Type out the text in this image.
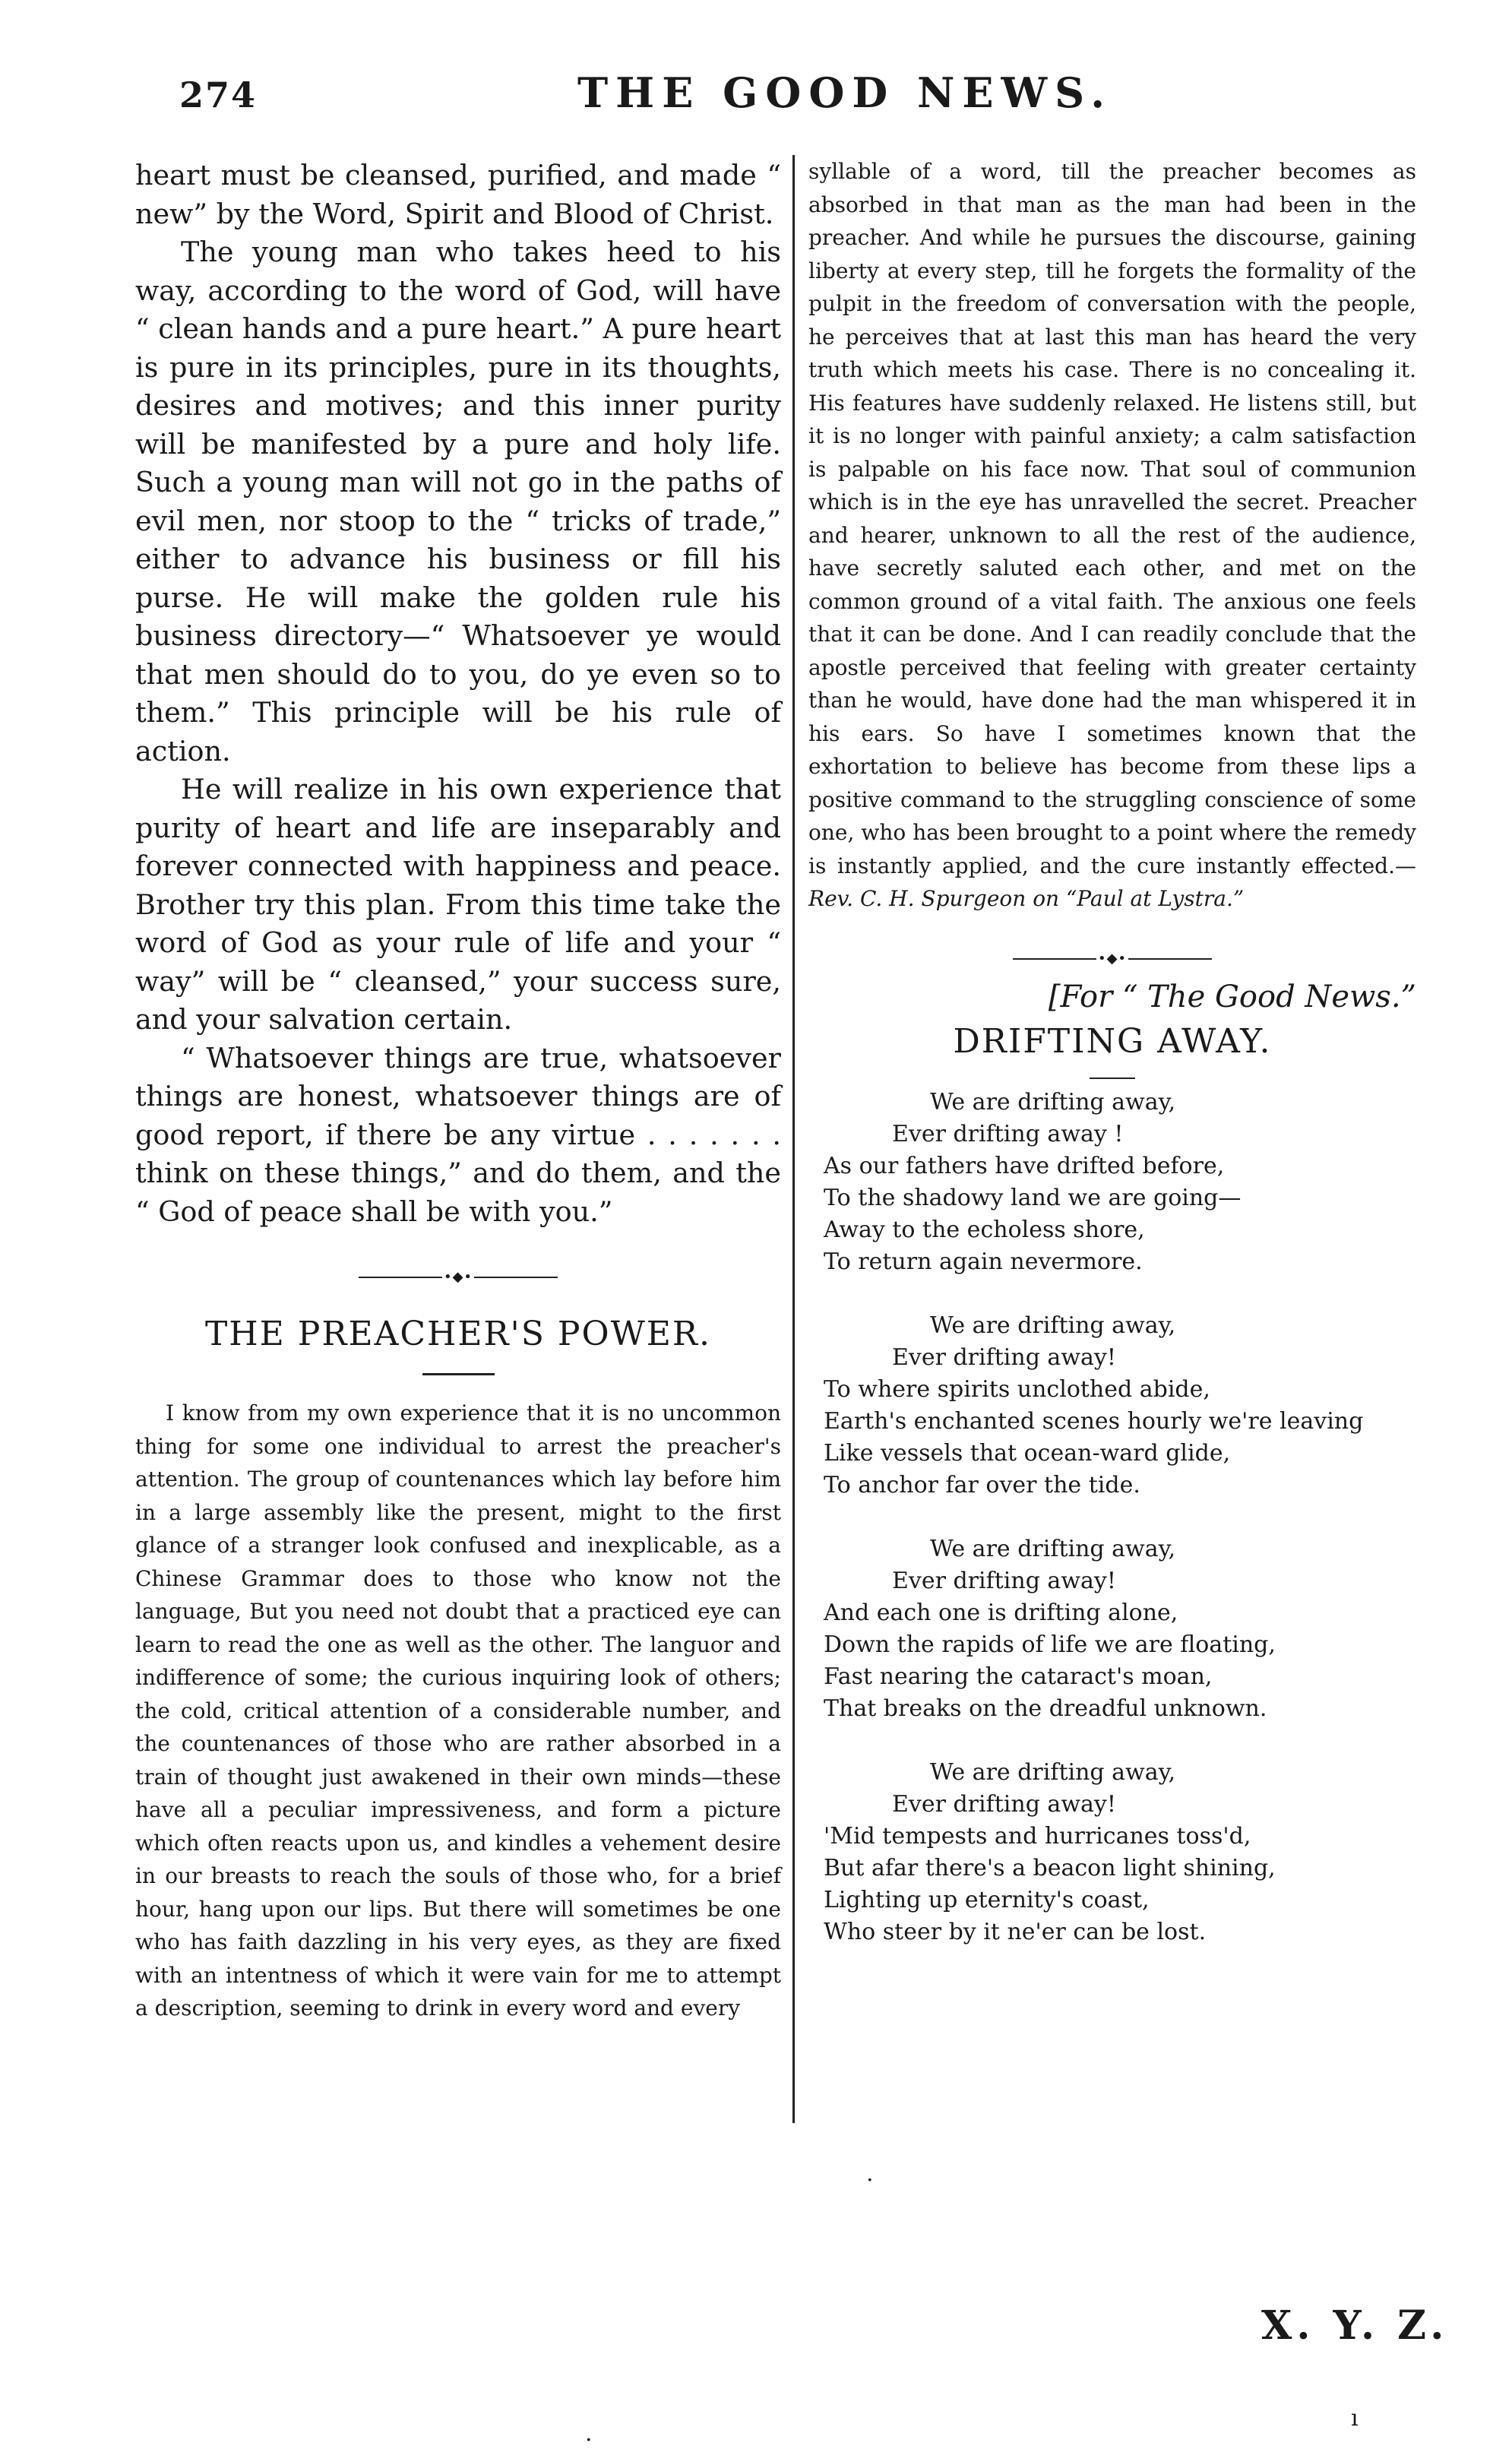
274	THE GOOD NEWS.

heart must be cleansed, purified, and made “ new” by the Word, Spirit and Blood of Christ.

The young man who takes heed to his way, according to the word of God, will have “ clean hands and a pure heart.” A pure heart is pure in its principles, pure in its thoughts, desires and motives; and this inner purity will be manifested by a pure and holy life. Such a young man will not go in the paths of evil men, nor stoop to the “ tricks of trade,” either to advance his business or fill his purse. He will make the golden rule his business directory—“ Whatsoever ye would that men should do to you, do ye even so to them.” This principle will be his rule of action.

He will realize in his own experience that purity of heart and life are inseparably and forever connected with happiness and peace. Brother try this plan. From this time take the word of God as your rule of life and your “ way” will be “ cleansed,” your success sure, and your salvation certain.

“ Whatsoever things are true, whatsoever things are honest, whatsoever things are of good report, if there be any virtue . . . . . . . think on these things,” and do them, and the “ God of peace shall be with you.”

•◆•
THE PREACHER'S POWER.

I know from my own experience that it is no uncommon thing for some one individual to arrest the preacher's attention. The group of countenances which lay before him in a large assembly like the present, might to the first glance of a stranger look confused and inexplicable, as a Chinese Grammar does to those who know not the language, But you need not doubt that a practiced eye can learn to read the one as well as the other. The languor and indifference of some; the curious inquiring look of others; the cold, critical attention of a considerable number, and the countenances of those who are rather absorbed in a train of thought just awakened in their own minds—these have all a peculiar impressiveness, and form a picture which often reacts upon us, and kindles a vehement desire in our breasts to reach the souls of those who, for a brief hour, hang upon our lips. But there will sometimes be one who has faith dazzling in his very eyes, as they are fixed with an intentness of which it were vain for me to attempt a description, seeming to drink in every word and every

syllable of a word, till the preacher becomes as absorbed in that man as the man had been in the preacher. And while he pursues the discourse, gaining liberty at every step, till he forgets the formality of the pulpit in the freedom of conversation with the people, he perceives that at last this man has heard the very truth which meets his case. There is no concealing it. His features have suddenly relaxed. He listens still, but it is no longer with painful anxiety; a calm satisfaction is palpable on his face now. That soul of communion which is in the eye has unravelled the secret. Preacher and hearer, unknown to all the rest of the audience, have secretly saluted each other, and met on the common ground of a vital faith. The anxious one feels that it can be done. And I can readily conclude that the apostle perceived that feeling with greater certainty than he would, have done had the man whispered it in his ears. So have I sometimes known that the exhortation to believe has become from these lips a positive command to the struggling conscience of some one, who has been brought to a point where the remedy is instantly applied, and the cure instantly effected.—Rev. C. H. Spurgeon on “Paul at Lystra.”

•◆•

[For “ The Good News.”

DRIFTING AWAY.
We are drifting away,
Ever drifting away !
As our fathers have drifted before,
To the shadowy land we are going—
Away to the echoless shore,
To return again nevermore.
We are drifting away,
Ever drifting away!
To where spirits unclothed abide,
Earth's enchanted scenes hourly we're leaving
Like vessels that ocean-ward glide,
To anchor far over the tide.
We are drifting away,
Ever drifting away!
And each one is drifting alone,
Down the rapids of life we are floating,
Fast nearing the cataract's moan,
That breaks on the dreadful unknown.
We are drifting away,
Ever drifting away!
'Mid tempests and hurricanes toss'd,
But afar there's a beacon light shining,
Lighting up eternity's coast,
Who steer by it ne'er can be lost.
X. Y. Z.
.
.
ı
